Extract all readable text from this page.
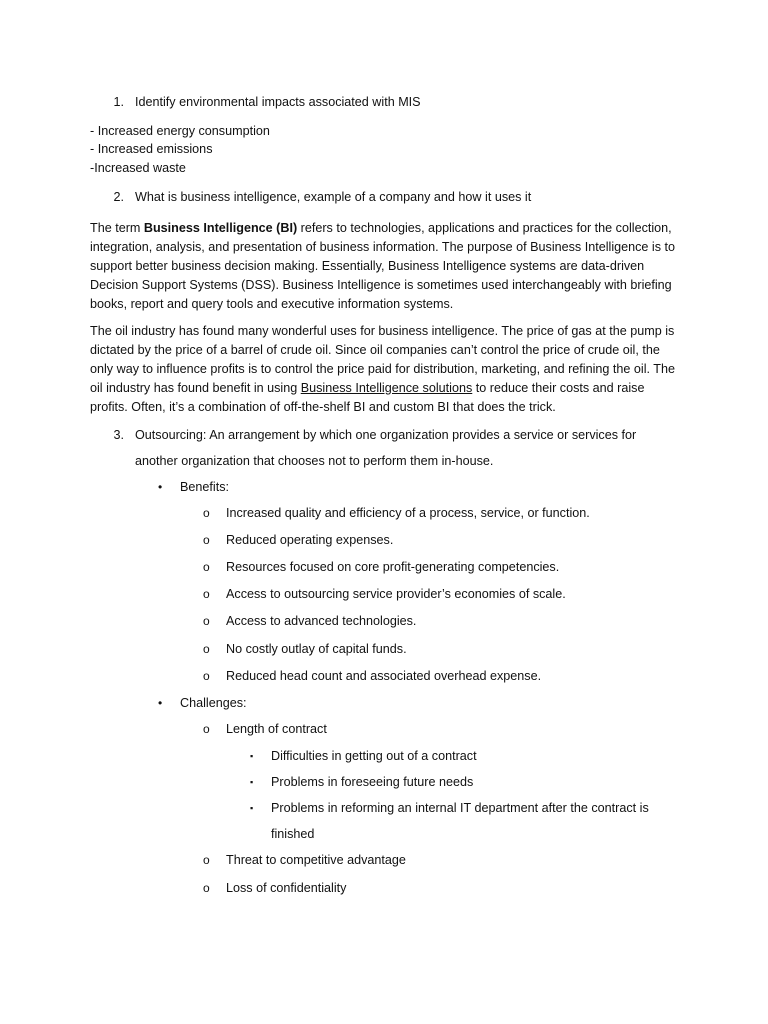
1. Identify environmental impacts associated with MIS
- Increased energy consumption
- Increased emissions
-Increased waste
2. What is business intelligence, example of a company and how it uses it
The term Business Intelligence (BI) refers to technologies, applications and practices for the collection, integration, analysis, and presentation of business information. The purpose of Business Intelligence is to support better business decision making. Essentially, Business Intelligence systems are data-driven Decision Support Systems (DSS). Business Intelligence is sometimes used interchangeably with briefing books, report and query tools and executive information systems.
The oil industry has found many wonderful uses for business intelligence. The price of gas at the pump is dictated by the price of a barrel of crude oil. Since oil companies can’t control the price of crude oil, the only way to influence profits is to control the price paid for distribution, marketing, and refining the oil. The oil industry has found benefit in using Business Intelligence solutions to reduce their costs and raise profits. Often, it’s a combination of off-the-shelf BI and custom BI that does the trick.
3. Outsourcing: An arrangement by which one organization provides a service or services for
another organization that chooses not to perform them in-house.
• Benefits:
o Increased quality and efficiency of a process, service, or function.
o Reduced operating expenses.
o Resources focused on core profit-generating competencies.
o Access to outsourcing service provider’s economies of scale.
o Access to advanced technologies.
o No costly outlay of capital funds.
o Reduced head count and associated overhead expense.
• Challenges:
o Length of contract
▪ Difficulties in getting out of a contract
▪ Problems in foreseeing future needs
▪ Problems in reforming an internal IT department after the contract is
finished
o Threat to competitive advantage
o Loss of confidentiality
